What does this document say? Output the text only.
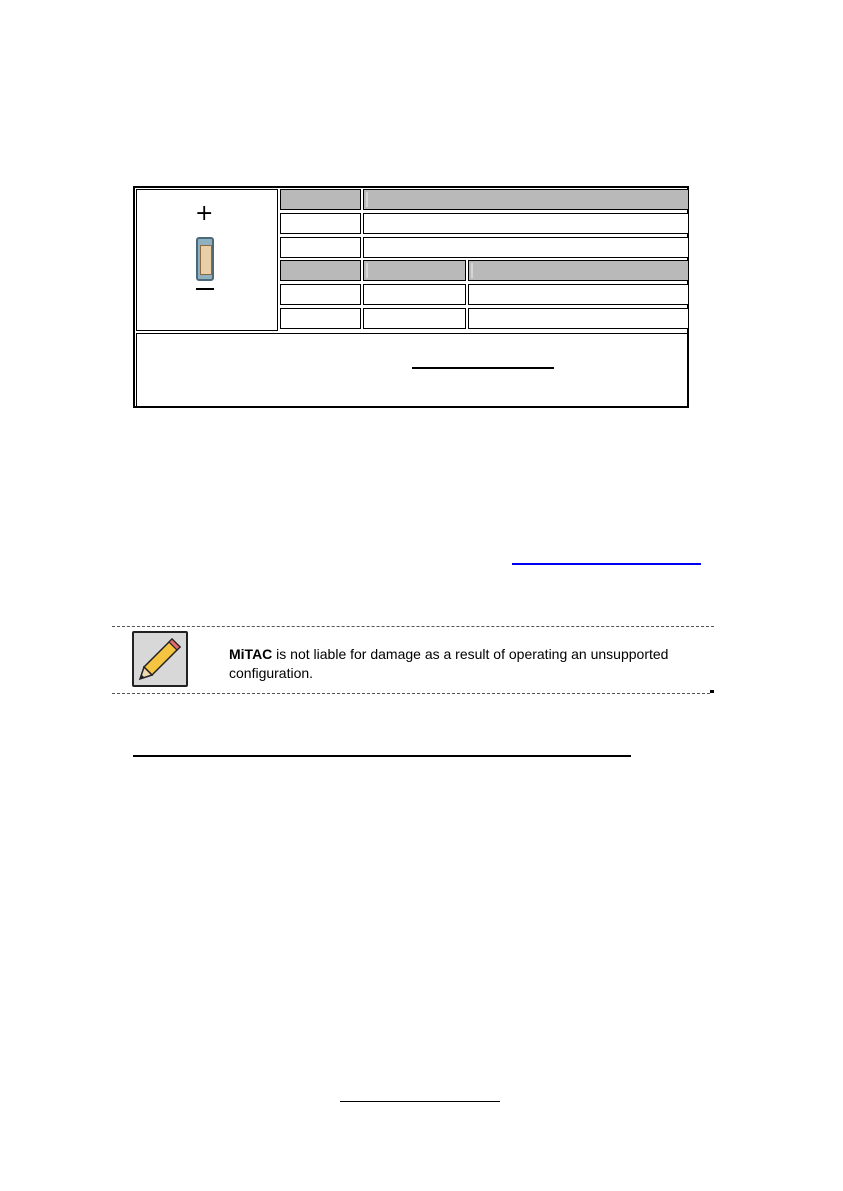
+
MiTAC is not liable for damage as a result of operating an unsupported
configuration.
